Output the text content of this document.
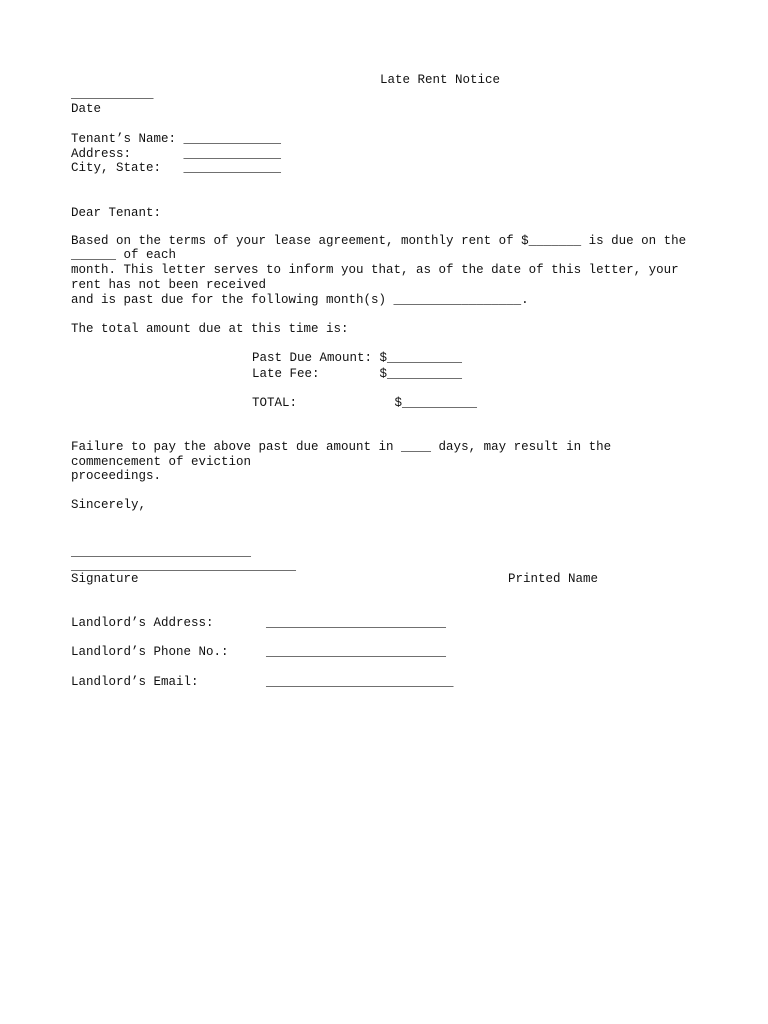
Late Rent Notice
___________
Date
Tenant’s Name: _____________
Address:       _____________
City, State:   _____________
Dear Tenant:
Based on the terms of your lease agreement, monthly rent of $_______ is due on the
______ of each
month. This letter serves to inform you that, as of the date of this letter, your
rent has not been received
and is past due for the following month(s) _________________.
The total amount due at this time is:
Past Due Amount: $__________
Late Fee:        $__________
TOTAL:             $__________
Failure to pay the above past due amount in ____ days, may result in the
commencement of eviction
proceedings.
Sincerely,
________________________
______________________________
Signature	Printed Name
Landlord’s Address:       ________________________
Landlord’s Phone No.:     ________________________
Landlord’s Email:         _________________________
